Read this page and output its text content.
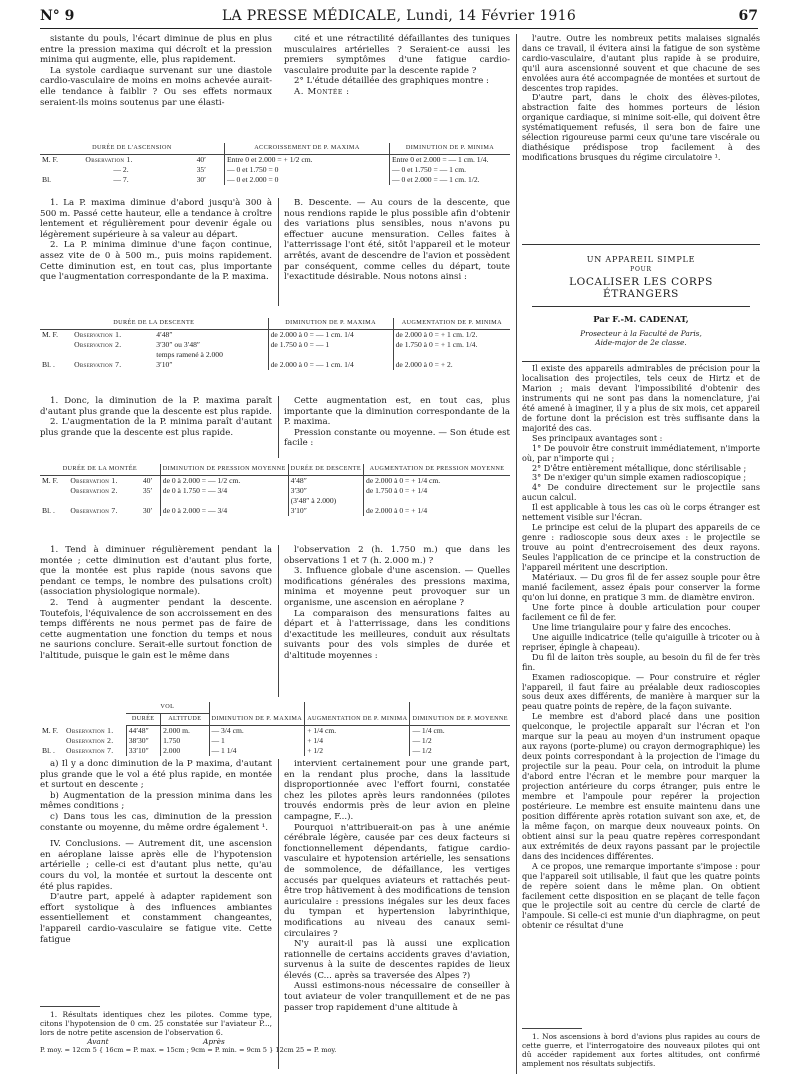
N° 9	LA PRESSE MÉDICALE, Lundi, 14 Février 1916	67

sistante du pouls, l'écart diminue de plus en plus entre la pression maxima qui décroît et la pression minima qui augmente, elle, plus rapidement.

La systole cardiaque survenant sur une diastole cardio-vasculaire de moins en moins achevée aurait-elle tendance à faiblir ? Ou ses effets normaux seraient-ils moins soutenus par une élasti-

cité et une rétractilité défaillantes des tuniques musculaires artérielles ? Seraient-ce aussi les premiers symptômes d'une fatigue cardio-vasculaire produite par la descente rapide ?

2° L'étude détaillée des graphiques montre :

A. Montée :

DURÉE DE L'ASCENSION			ACCROISSEMENT DE P. MAXIMA	DIMINUTION DE P. MINIMA
M. F.	Observation 1.	40′	Entre 0 et 2.000 = + 1/2 cm.	Entre 0 et 2.000 = — 1 cm. 1/4.
	— 2.	35′	— 0 et 1.750 = 0	— 0 et 1.750 = — 1 cm.
Bl.	— 7.	30′	— 0 et 2.000 = 0	— 0 et 2.000 = — 1 cm. 1/2.

1. La P. maxima diminue d'abord jusqu'à 300 à 500 m. Passé cette hauteur, elle a tendance à croître lentement et régulièrement pour devenir égale ou légèrement supérieure à sa valeur au départ.

2. La P. minima diminue d'une façon continue, assez vite de 0 à 500 m., puis moins rapidement. Cette diminution est, en tout cas, plus importante que l'augmentation correspondante de la P. maxima.

B. Descente. — Au cours de la descente, que nous rendions rapide le plus possible afin d'obtenir des variations plus sensibles, nous n'avons pu effectuer aucune mensuration. Celles faites à l'atterrissage l'ont été, sitôt l'appareil et le moteur arrêtés, avant de descendre de l'avion et possèdent par conséquent, comme celles du départ, toute l'exactitude désirable. Nous notons ainsi :

DURÉE DE LA DESCENTE			DIMINUTION DE P. MAXIMA	AUGMENTATION DE P. MINIMA
M. F.	Observation 1.	4′48″	de 2.000 à 0 = — 1 cm. 1/4	de 2.000 à 0 = + 1 cm. 1/2.
	Observation 2.	3′30″ ou 3′48″	de 1.750 à 0 = — 1	de 1.750 à 0 = + 1 cm. 1/4.
		temps ramené à 2.000		
Bl. .	Observation 7.	3′10″	de 2.000 à 0 = — 1 cm. 1/4	de 2.000 à 0 = + 2.

1. Donc, la diminution de la P. maxima paraît d'autant plus grande que la descente est plus rapide.

2. L'augmentation de la P. minima paraît d'autant plus grande que la descente est plus rapide.

Cette augmentation est, en tout cas, plus importante que la diminution correspondante de la P. maxima.

Pression constante ou moyenne. — Son étude est facile :

DURÉE DE LA MONTÉE			DIMINUTION DE PRESSION MOYENNE	DURÉE DE DESCENTE	AUGMENTATION DE PRESSION MOYENNE
M. F.	Observation 1.	40′	de 0 à 2.000 = — 1/2 cm.	4′48″	de 2.000 à 0 = + 1/4 cm.
	Observation 2.	35′	de 0 à 1.750 = — 3/4	3′30″	de 1.750 à 0 = + 1/4
				(3′48″ à 2.000)	
Bl. .	Observation 7.	30′	de 0 à 2.000 = — 3/4	3′10″	de 2.000 à 0 = + 1/4

1. Tend à diminuer régulièrement pendant la montée ; cette diminution est d'autant plus forte, que la montée est plus rapide (nous savons que pendant ce temps, le nombre des pulsations croît) (association physiologique normale).

2. Tend à augmenter pendant la descente. Toutefois, l'équivalence de son accroissement en des temps différents ne nous permet pas de faire de cette augmentation une fonction du temps et nous ne saurions conclure. Serait-elle surtout fonction de l'altitude, puisque le gain est le même dans

l'observation 2 (h. 1.750 m.) que dans les observations 1 et 7 (h. 2.000 m.) ?

3. Influence globale d'une ascension. — Quelles modifications générales des pressions maxima, minima et moyenne peut provoquer sur un organisme, une ascension en aéroplane ?

La comparaison des mensurations faites au départ et à l'atterrissage, dans les conditions d'exactitude les meilleures, conduit aux résultats suivants pour des vols simples de durée et d'altitude moyennes :

		VOL		DIMINUTION DE P. MAXIMA	AUGMENTATION DE P. MINIMA	DIMINUTION DE P. MOYENNE
		DURÉE	ALTITUDE			
M. F.	Observation 1.	44′48″	2.000 m.	— 3/4 cm.	+ 1/4 cm.	— 1/4 cm.
	Observation 2.	38′30″	1.750	— 1	+ 1/4	— 1/2
Bl. .	Observation 7.	33′10″	2.000	— 1 1/4	+ 1/2	— 1/2

a) Il y a donc diminution de la P maxima, d'autant plus grande que le vol a été plus rapide, en montée et surtout en descente ;

b) Augmentation de la pression minima dans les mêmes conditions ;

c) Dans tous les cas, diminution de la pression constante ou moyenne, du même ordre également ¹.

IV. Conclusions. — Autrement dit, une ascension en aéroplane laisse après elle de l'hypotension artérielle ; celle-ci est d'autant plus nette, qu'au cours du vol, la montée et surtout la descente ont été plus rapides.

D'autre part, appelé à adapter rapidement son effort systolique à des influences ambiantes essentiellement et constamment changeantes, l'appareil cardio-vasculaire se fatigue vite. Cette fatigue

1. Résultats identiques chez les pilotes. Comme type, citons l'hypotension de 0 cm. 25 constatée sur l'aviateur P..., lors de notre petite ascension de l'observation 6.

Avant	Après
P. moy. = 12cm 5 { 16cm = P. max. = 15cm ; 9cm = P. min. = 9cm 5 } 12cm 25 = P. moy.

intervient certainement pour une grande part, en la rendant plus proche, dans la lassitude disproportionnée avec l'effort fourni, constatée chez les pilotes après leurs randonnées (pilotes trouvés endormis près de leur avion en pleine campagne, F...).

Pourquoi n'attribuerait-on pas à une anémie cérébrale légère, causée par ces deux facteurs si fonctionnellement dépendants, fatigue cardio-vasculaire et hypotension artérielle, les sensations de sommolence, de défaillance, les vertiges accusés par quelques aviateurs et rattachés peut-être trop hâtivement à des modifications de tension auriculaire : pressions inégales sur les deux faces du tympan et hypertension labyrinthique, modifications au niveau des canaux semi-circulaires ?

N'y aurait-il pas là aussi une explication rationnelle de certains accidents graves d'aviation, survenus à la suite de descentes rapides de lieux élevés (C... après sa traversée des Alpes ?)

Aussi estimons-nous nécessaire de conseiller à tout aviateur de voler tranquillement et de ne pas passer trop rapidement d'une altitude à

l'autre. Outre les nombreux petits malaises signalés dans ce travail, il évitera ainsi la fatigue de son système cardio-vasculaire, d'autant plus rapide à se produire, qu'il aura ascensionné souvent et que chacune de ses envolées aura été accompagnée de montées et surtout de descentes trop rapides.

D'autre part, dans le choix des élèves-pilotes, abstraction faite des hommes porteurs de lésion organique cardiaque, si minime soit-elle, qui doivent être systématiquement refusés, il sera bon de faire une sélection rigoureuse parmi ceux qu'une tare viscérale ou diathésique prédispose trop facilement à des modifications brusques du régime circulatoire ¹.

UN APPAREIL SIMPLE
POUR
LOCALISER LES CORPS ÉTRANGERS
Par F.-M. CADENAT,
Prosecteur à la Faculté de Paris,
Aide-major de 2e classe.

Il existe des appareils admirables de précision pour la localisation des projectiles, tels ceux de Hirtz et de Marion ; mais devant l'impossibilité d'obtenir des instruments qui ne sont pas dans la nomenclature, j'ai été amené à imaginer, il y a plus de six mois, cet appareil de fortune dont la précision est très suffisante dans la majorité des cas.

Ses principaux avantages sont :

1° De pouvoir être construit immédiatement, n'importe où, par n'importe qui ;

2° D'être entièrement métallique, donc stérilisable ;

3° De n'exiger qu'un simple examen radioscopique ;

4° De conduire directement sur le projectile sans aucun calcul.

Il est applicable à tous les cas où le corps étranger est nettement visible sur l'écran.

Le principe est celui de la plupart des appareils de ce genre : radioscopie sous deux axes : le projectile se trouve au point d'entrecroisement des deux rayons. Seules l'application de ce principe et la construction de l'appareil méritent une description.

Matériaux. — Du gros fil de fer assez souple pour être manié facilement, assez épais pour conserver la forme qu'on lui donne, en pratique 3 mm. de diamètre environ.

Une forte pince à double articulation pour couper facilement ce fil de fer.

Une lime triangulaire pour y faire des encoches.

Une aiguille indicatrice (telle qu'aiguille à tricoter ou à repriser, épingle à chapeau).

Du fil de laiton très souple, au besoin du fil de fer très fin.

Examen radioscopique. — Pour construire et régler l'appareil, il faut faire au préalable deux radioscopies sous deux axes différents, de manière à marquer sur la peau quatre points de repère, de la façon suivante.

Le membre est d'abord placé dans une position quelconque, le projectile apparaît sur l'écran et l'on marque sur la peau au moyen d'un instrument opaque aux rayons (porte-plume) ou crayon dermographique) les deux points correspondant à la projection de l'image du projectile sur la peau. Pour cela, on introduit la plume d'abord entre l'écran et le membre pour marquer la projection antérieure du corps étranger, puis entre le membre et l'ampoule pour repérer la projection postérieure. Le membre est ensuite maintenu dans une position différente après rotation suivant son axe, et, de la même façon, on marque deux nouveaux points. On obtient ainsi sur la peau quatre repères correspondant aux extrémités de deux rayons passant par le projectile dans des incidences différentes.

A ce propos, une remarque importante s'impose : pour que l'appareil soit utilisable, il faut que les quatre points de repère soient dans le même plan. On obtient facilement cette disposition en se plaçant de telle façon que le projectile soit au centre du cercle de clarté de l'ampoule. Si celle-ci est munie d'un diaphragme, on peut obtenir ce résultat d'une

1. Nos ascensions à bord d'avions plus rapides au cours de cette guerre, et l'interrogatoire des nouveaux pilotes qui ont dû accéder rapidement aux fortes altitudes, ont confirmé amplement nos résultats subjectifs.
